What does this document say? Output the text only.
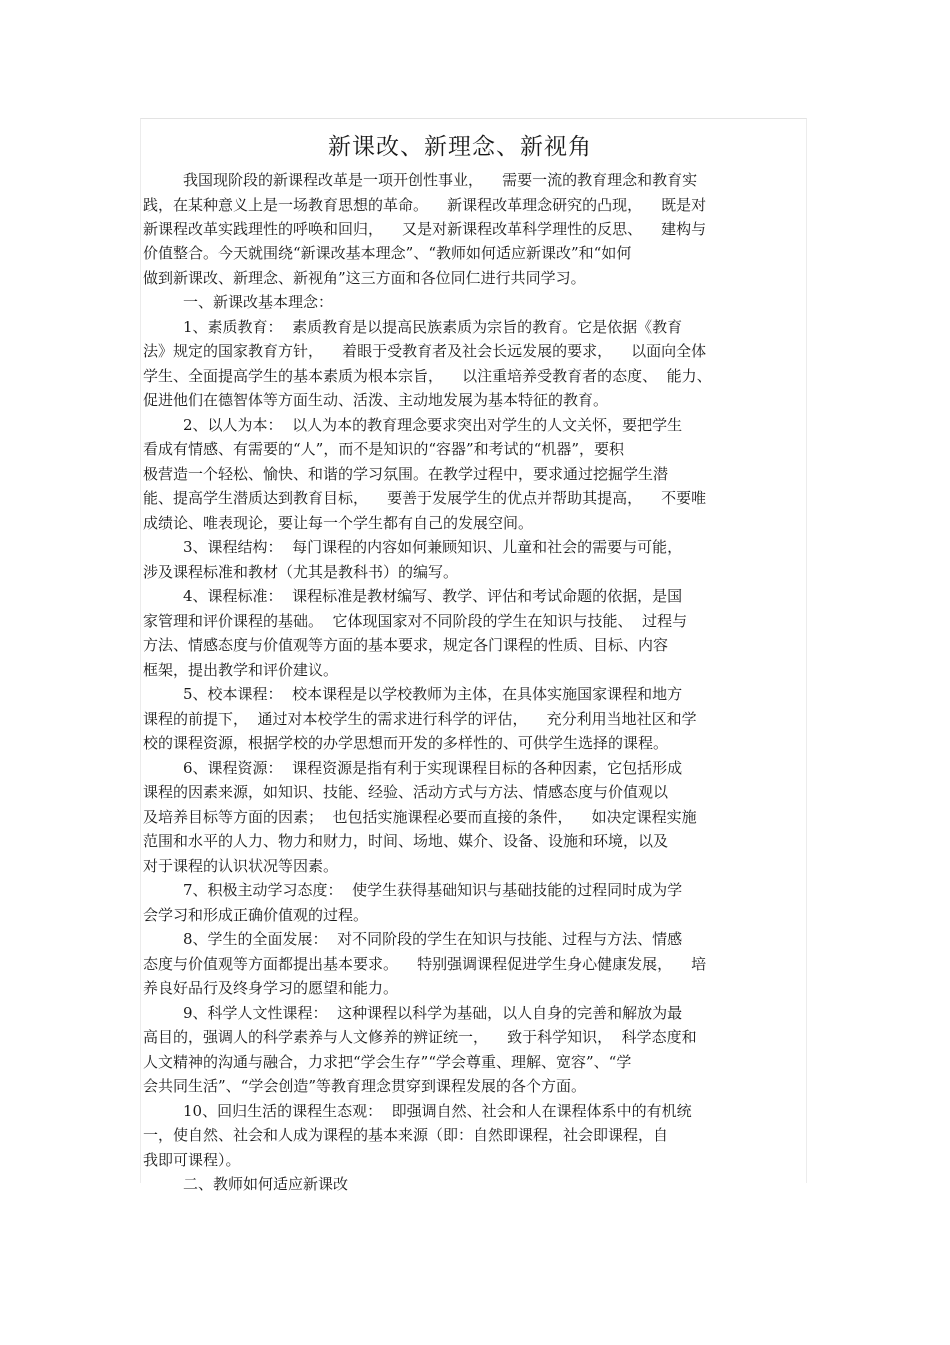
新课改、新理念、新视角
我国现阶段的新课程改革是一项开创性事业，    需要一流的教育理念和教育实
践，在某种意义上是一场教育思想的革命。    新课程改革理念研究的凸现，    既是对
新课程改革实践理性的呼唤和回归，    又是对新课程改革科学理性的反思、    建构与
价值整合。今天就围绕“新课改基本理念”、“教师如何适应新课改”和“如何
做到新课改、新理念、新视角”这三方面和各位同仁进行共同学习。
一、新课改基本理念：
1、素质教育：  素质教育是以提高民族素质为宗旨的教育。它是依据《教育
法》规定的国家教育方针，    着眼于受教育者及社会长远发展的要求，    以面向全体
学生、全面提高学生的基本素质为根本宗旨，    以注重培养受教育者的态度、  能力、
促进他们在德智体等方面生动、活泼、主动地发展为基本特征的教育。
2、以人为本：  以人为本的教育理念要求突出对学生的人文关怀，要把学生
看成有情感、有需要的“人”，而不是知识的“容器”和考试的“机器”，要积
极营造一个轻松、愉快、和谐的学习氛围。在教学过程中，要求通过挖掘学生潜
能、提高学生潜质达到教育目标，    要善于发展学生的优点并帮助其提高，    不要唯
成绩论、唯表现论，要让每一个学生都有自己的发展空间。
3、课程结构：  每门课程的内容如何兼顾知识、儿童和社会的需要与可能，
涉及课程标准和教材（尤其是教科书）的编写。
4、课程标准：  课程标准是教材编写、教学、评估和考试命题的依据，是国
家管理和评价课程的基础。  它体现国家对不同阶段的学生在知识与技能、  过程与
方法、情感态度与价值观等方面的基本要求，规定各门课程的性质、目标、内容
框架，提出教学和评价建议。
5、校本课程：  校本课程是以学校教师为主体，在具体实施国家课程和地方
课程的前提下，  通过对本校学生的需求进行科学的评估，    充分利用当地社区和学
校的课程资源，根据学校的办学思想而开发的多样性的、可供学生选择的课程。
6、课程资源：  课程资源是指有利于实现课程目标的各种因素，它包括形成
课程的因素来源，如知识、技能、经验、活动方式与方法、情感态度与价值观以
及培养目标等方面的因素；  也包括实施课程必要而直接的条件，    如决定课程实施
范围和水平的人力、物力和财力，时间、场地、媒介、设备、设施和环境，以及
对于课程的认识状况等因素。
7、积极主动学习态度：  使学生获得基础知识与基础技能的过程同时成为学
会学习和形成正确价值观的过程。
8、学生的全面发展：  对不同阶段的学生在知识与技能、过程与方法、情感
态度与价值观等方面都提出基本要求。    特别强调课程促进学生身心健康发展，    培
养良好品行及终身学习的愿望和能力。
9、科学人文性课程：  这种课程以科学为基础，以人自身的完善和解放为最
高目的，强调人的科学素养与人文修养的辨证统一，    致于科学知识，  科学态度和
人文精神的沟通与融合，力求把“学会生存”“学会尊重、理解、宽容”、“学
会共同生活”、“学会创造”等教育理念贯穿到课程发展的各个方面。
10、回归生活的课程生态观：  即强调自然、社会和人在课程体系中的有机统
一，使自然、社会和人成为课程的基本来源（即：自然即课程，社会即课程，自
我即可课程）。
二、教师如何适应新课改
